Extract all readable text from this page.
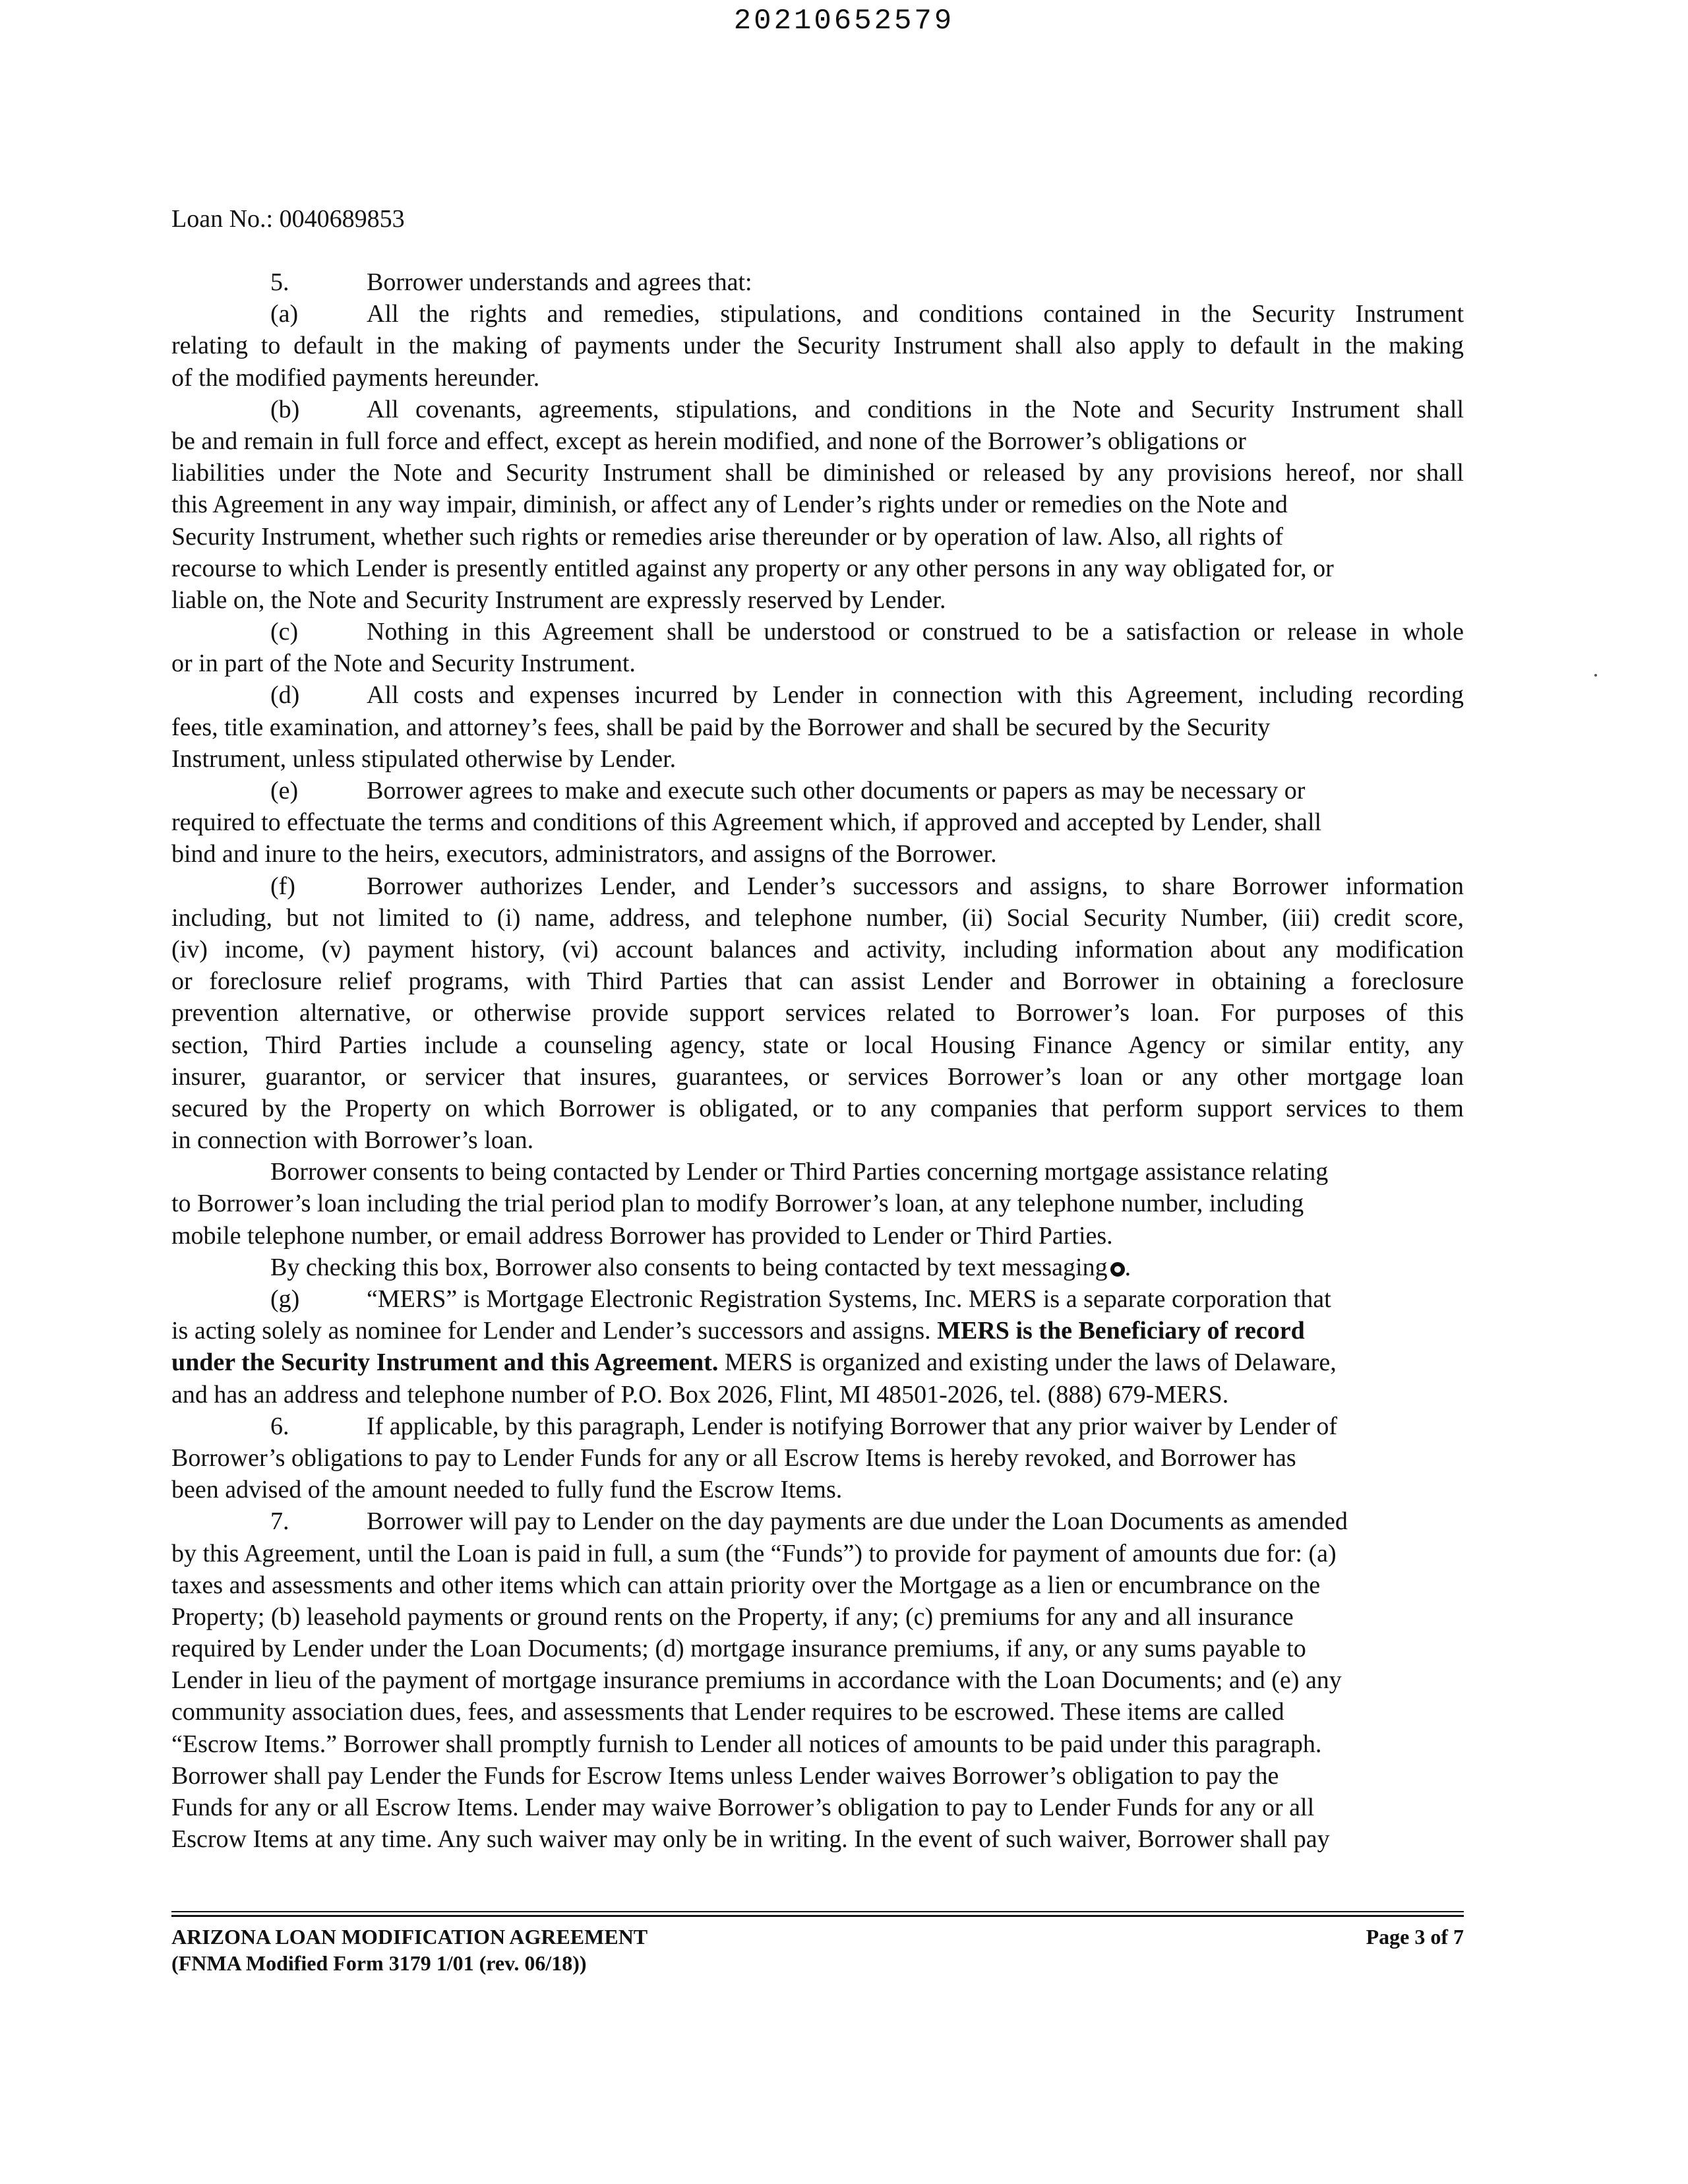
20210652579
Loan No.: 0040689853
5.	Borrower understands and agrees that:
(a)	All the rights and remedies, stipulations, and conditions contained in the Security Instrument
relating to default in the making of payments under the Security Instrument shall also apply to default in the making
of the modified payments hereunder.
(b)	All covenants, agreements, stipulations, and conditions in the Note and Security Instrument shall
be and remain in full force and effect, except as herein modified, and none of the Borrower’s obligations or
liabilities under the Note and Security Instrument shall be diminished or released by any provisions hereof, nor shall
this Agreement in any way impair, diminish, or affect any of Lender’s rights under or remedies on the Note and
Security Instrument, whether such rights or remedies arise thereunder or by operation of law. Also, all rights of
recourse to which Lender is presently entitled against any property or any other persons in any way obligated for, or
liable on, the Note and Security Instrument are expressly reserved by Lender.
(c)	Nothing in this Agreement shall be understood or construed to be a satisfaction or release in whole
or in part of the Note and Security Instrument.
(d)	All costs and expenses incurred by Lender in connection with this Agreement, including recording
fees, title examination, and attorney’s fees, shall be paid by the Borrower and shall be secured by the Security
Instrument, unless stipulated otherwise by Lender.
(e)	Borrower agrees to make and execute such other documents or papers as may be necessary or
required to effectuate the terms and conditions of this Agreement which, if approved and accepted by Lender, shall
bind and inure to the heirs, executors, administrators, and assigns of the Borrower.
(f)	Borrower authorizes Lender, and Lender’s successors and assigns, to share Borrower information
including, but not limited to (i) name, address, and telephone number, (ii) Social Security Number, (iii) credit score,
(iv) income, (v) payment history, (vi) account balances and activity, including information about any modification
or foreclosure relief programs, with Third Parties that can assist Lender and Borrower in obtaining a foreclosure
prevention alternative, or otherwise provide support services related to Borrower’s loan. For purposes of this
section, Third Parties include a counseling agency, state or local Housing Finance Agency or similar entity, any
insurer, guarantor, or servicer that insures, guarantees, or services Borrower’s loan or any other mortgage loan
secured by the Property on which Borrower is obligated, or to any companies that perform support services to them
in connection with Borrower’s loan.
Borrower consents to being contacted by Lender or Third Parties concerning mortgage assistance relating
to Borrower’s loan including the trial period plan to modify Borrower’s loan, at any telephone number, including
mobile telephone number, or email address Borrower has provided to Lender or Third Parties.
By checking this box, Borrower also consents to being contacted by text messaging .
(g)	“MERS” is Mortgage Electronic Registration Systems, Inc. MERS is a separate corporation that
is acting solely as nominee for Lender and Lender’s successors and assigns. MERS is the Beneficiary of record
under the Security Instrument and this Agreement. MERS is organized and existing under the laws of Delaware,
and has an address and telephone number of P.O. Box 2026, Flint, MI 48501-2026, tel. (888) 679-MERS.
6.	If applicable, by this paragraph, Lender is notifying Borrower that any prior waiver by Lender of
Borrower’s obligations to pay to Lender Funds for any or all Escrow Items is hereby revoked, and Borrower has
been advised of the amount needed to fully fund the Escrow Items.
7.	Borrower will pay to Lender on the day payments are due under the Loan Documents as amended
by this Agreement, until the Loan is paid in full, a sum (the “Funds”) to provide for payment of amounts due for: (a)
taxes and assessments and other items which can attain priority over the Mortgage as a lien or encumbrance on the
Property; (b) leasehold payments or ground rents on the Property, if any; (c) premiums for any and all insurance
required by Lender under the Loan Documents; (d) mortgage insurance premiums, if any, or any sums payable to
Lender in lieu of the payment of mortgage insurance premiums in accordance with the Loan Documents; and (e) any
community association dues, fees, and assessments that Lender requires to be escrowed. These items are called
“Escrow Items.” Borrower shall promptly furnish to Lender all notices of amounts to be paid under this paragraph.
Borrower shall pay Lender the Funds for Escrow Items unless Lender waives Borrower’s obligation to pay the
Funds for any or all Escrow Items. Lender may waive Borrower’s obligation to pay to Lender Funds for any or all
Escrow Items at any time. Any such waiver may only be in writing. In the event of such waiver, Borrower shall pay
ARIZONA LOAN MODIFICATION AGREEMENT	Page 3 of 7
(FNMA Modified Form 3179 1/01 (rev. 06/18))
